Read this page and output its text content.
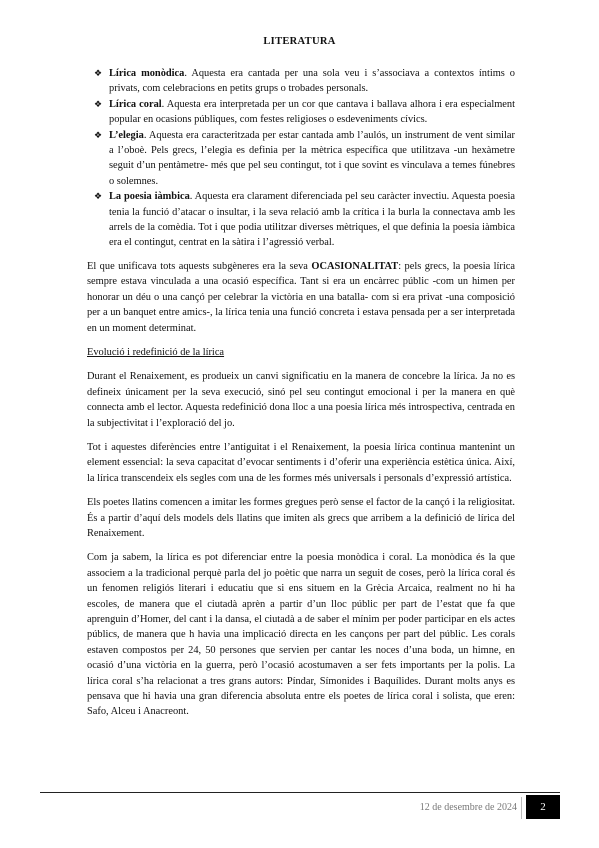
LITERATURA
❖ Lírica monòdica. Aquesta era cantada per una sola veu i s’associava a contextos íntims o privats, com celebracions en petits grups o trobades personals.
❖ Lírica coral. Aquesta era interpretada per un cor que cantava i ballava alhora i era especialment popular en ocasions públiques, com festes religioses o esdeveniments cívics.
❖ L’elegia. Aquesta era caracteritzada per estar cantada amb l’aulós, un instrument de vent similar a l’oboè. Pels grecs, l’elegia es definia per la mètrica específica que utilitzava -un hexàmetre seguit d’un pentàmetre- més que pel seu contingut, tot i que sovint es vinculava a temes fúnebres o solemnes.
❖ La poesia iàmbica. Aquesta era clarament diferenciada pel seu caràcter invectiu. Aquesta poesia tenia la funció d’atacar o insultar, i la seva relació amb la crítica i la burla la connectava amb les arrels de la comèdia. Tot i que podia utilitzar diverses mètriques, el que definia la poesia iàmbica era el contingut, centrat en la sàtira i l’agressió verbal.

El que unificava tots aquests subgèneres era la seva OCASIONALITAT: pels grecs, la poesia lírica sempre estava vinculada a una ocasió específica. Tant si era un encàrrec públic -com un himen per honorar un déu o una cançó per celebrar la victòria en una batalla- com si era privat -una composició per a un banquet entre amics-, la lírica tenia una funció concreta i estava pensada per a ser interpretada en un moment determinat.

Evolució i redefinició de la lírica

Durant el Renaixement, es produeix un canvi significatiu en la manera de concebre la lírica. Ja no es defineix únicament per la seva execució, sinó pel seu contingut emocional i per la manera en què connecta amb el lector. Aquesta redefinició dona lloc a una poesia lírica més introspectiva, centrada en la subjectivitat i l’exploració del jo.

Tot i aquestes diferències entre l’antiguitat i el Renaixement, la poesia lírica continua mantenint un element essencial: la seva capacitat d’evocar sentiments i d’oferir una experiència estètica única. Així, la lírica transcendeix els segles com una de les formes més universals i personals d’expressió artística.

Els poetes llatins comencen a imitar les formes gregues però sense el factor de la cançó i la religiositat. És a partir d’aquí dels models dels llatins que imiten als grecs que arribem a la definició de lírica del Renaixement.

Com ja sabem, la lírica es pot diferenciar entre la poesia monòdica i coral. La monòdica és la que associem a la tradicional perquè parla del jo poètic que narra un seguit de coses, però la lírica coral és un fenomen religiós literari i educatiu que si ens situem en la Grècia Arcaica, realment no hi ha escoles, de manera que el ciutadà aprèn a partir d’un lloc públic per part de l’estat que fa que aprenguin d’Homer, del cant i la dansa, el ciutadà a de saber el mínim per poder participar en els actes públics, de manera que h havia una implicació directa en les cançons per part del públic. Les corals estaven compostos per 24, 50 persones que servien per cantar les noces d’una boda, un himne, en ocasió d’una victòria en la guerra, però l’ocasió acostumaven a ser fets importants per la polis. La lírica coral s’ha relacionat a tres grans autors: Píndar, Símonides i Baquílides. Durant molts anys es pensava que hi havia una gran diferencia absoluta entre els poetes de lírica coral i solista, que eren: Safo, Alceu i Anacreont.

12 de desembre de 2024	2
